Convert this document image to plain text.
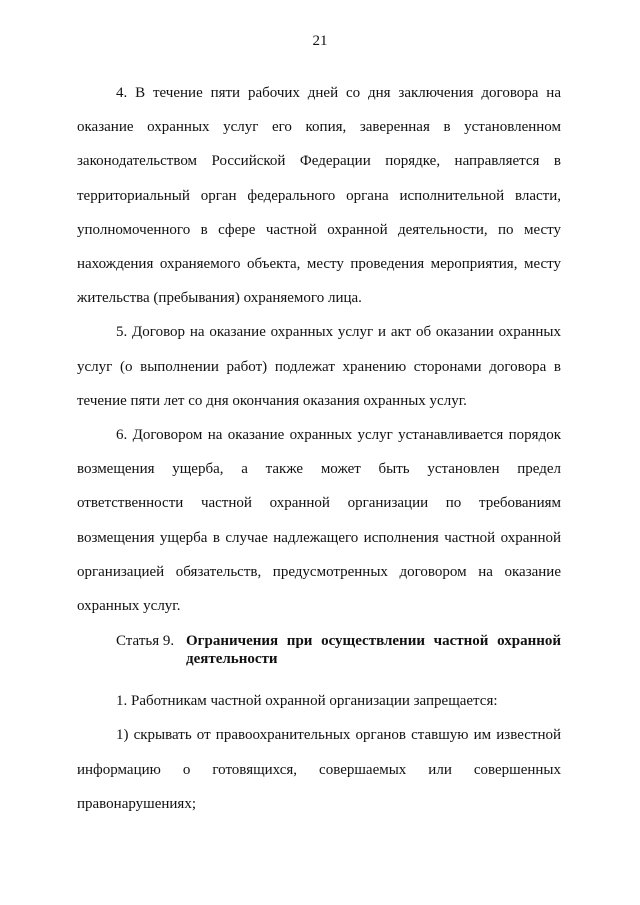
21

4. В течение пяти рабочих дней со дня заключения договора на оказание охранных услуг его копия, заверенная в установленном законодательством Российской Федерации порядке, направляется в территориальный орган федерального органа исполнительной власти, уполномоченного в сфере частной охранной деятельности, по месту нахождения охраняемого объекта, месту проведения мероприятия, месту жительства (пребывания) охраняемого лица.

5. Договор на оказание охранных услуг и акт об оказании охранных услуг (о выполнении работ) подлежат хранению сторонами договора в течение пяти лет со дня окончания оказания охранных услуг.

6. Договором на оказание охранных услуг устанавливается порядок возмещения ущерба, а также может быть установлен предел ответственности частной охранной организации по требованиям возмещения ущерба в случае надлежащего исполнения частной охранной организацией обязательств, предусмотренных договором на оказание охранных услуг.

Статья 9. Ограничения при осуществлении частной охранной деятельности

1. Работникам частной охранной организации запрещается:

1) скрывать от правоохранительных органов ставшую им известной информацию о готовящихся, совершаемых или совершенных правонарушениях;
